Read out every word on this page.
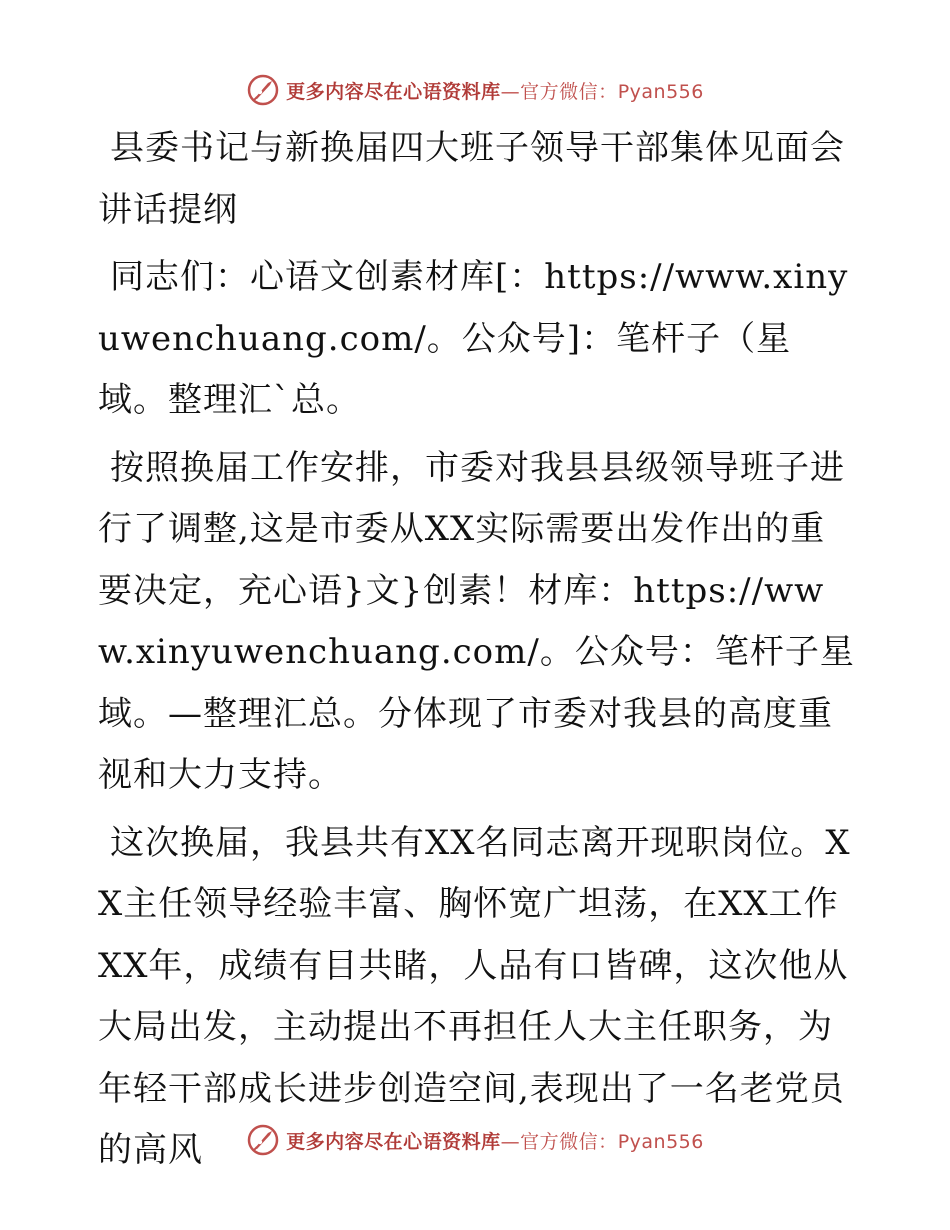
更多内容尽在心语资料库—官方微信：Pyan556

县委书记与新换届四大班子领导干部集体见面会讲话提纲

同志们：心语文创素材库[：https://www.xinyuwenchuang.com/。公众号]：笔杆子（星域。整理汇`总。

按照换届工作安排，市委对我县县级领导班子进行了调整,这是市委从XX实际需要出发作出的重要决定，充心语}文}创素！材库：https://www.xinyuwenchuang.com/。公众号：笔杆子星域。—整理汇总。分体现了市委对我县的高度重视和大力支持。

这次换届，我县共有XX名同志离开现职岗位。XX主任领导经验丰富、胸怀宽广坦荡，在XX工作XX年，成绩有目共睹，人品有口皆碑，这次他从大局出发，主动提出不再担任人大主任职务，为年轻干部成长进步创造空间,表现出了一名老党员的高风	更多内容尽在心语资料库—官方微信：Pyan556
